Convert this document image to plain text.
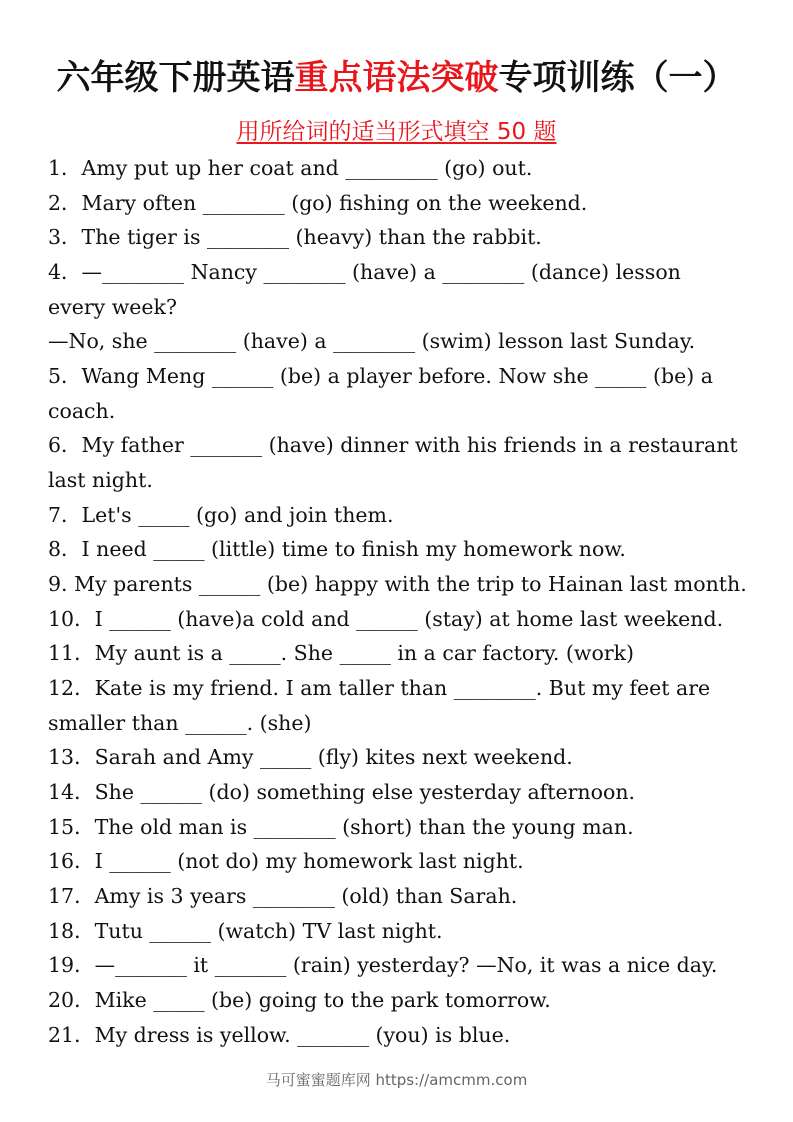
六年级下册英语重点语法突破专项训练（一）
用所给词的适当形式填空 50 题
1．Amy put up her coat and _________ (go) out.
2．Mary often ________ (go) fishing on the weekend.
3．The tiger is ________ (heavy) than the rabbit.
4．—________ Nancy ________ (have) a ________ (dance) lesson
every week?
—No, she ________ (have) a ________ (swim) lesson last Sunday.
5．Wang Meng ______ (be) a player before. Now she _____ (be) a
coach.
6．My father _______ (have) dinner with his friends in a restaurant
last night.
7．Let's _____ (go) and join them.
8．I need _____ (little) time to finish my homework now.
9. My parents ______ (be) happy with the trip to Hainan last month.
10．I ______ (have)a cold and ______ (stay) at home last weekend.
11．My aunt is a _____. She _____ in a car factory. (work)
12．Kate is my friend. I am taller than ________. But my feet are
smaller than ______. (she)
13．Sarah and Amy _____ (fly) kites next weekend.
14．She ______ (do) something else yesterday afternoon.
15．The old man is ________ (short) than the young man.
16．I ______ (not do) my homework last night.
17．Amy is 3 years ________ (old) than Sarah.
18．Tutu ______ (watch) TV last night.
19．—_______ it _______ (rain) yesterday? —No, it was a nice day.
20．Mike _____ (be) going to the park tomorrow.
21．My dress is yellow. _______ (you) is blue.
马可蜜蜜题库网 https://amcmm.com
